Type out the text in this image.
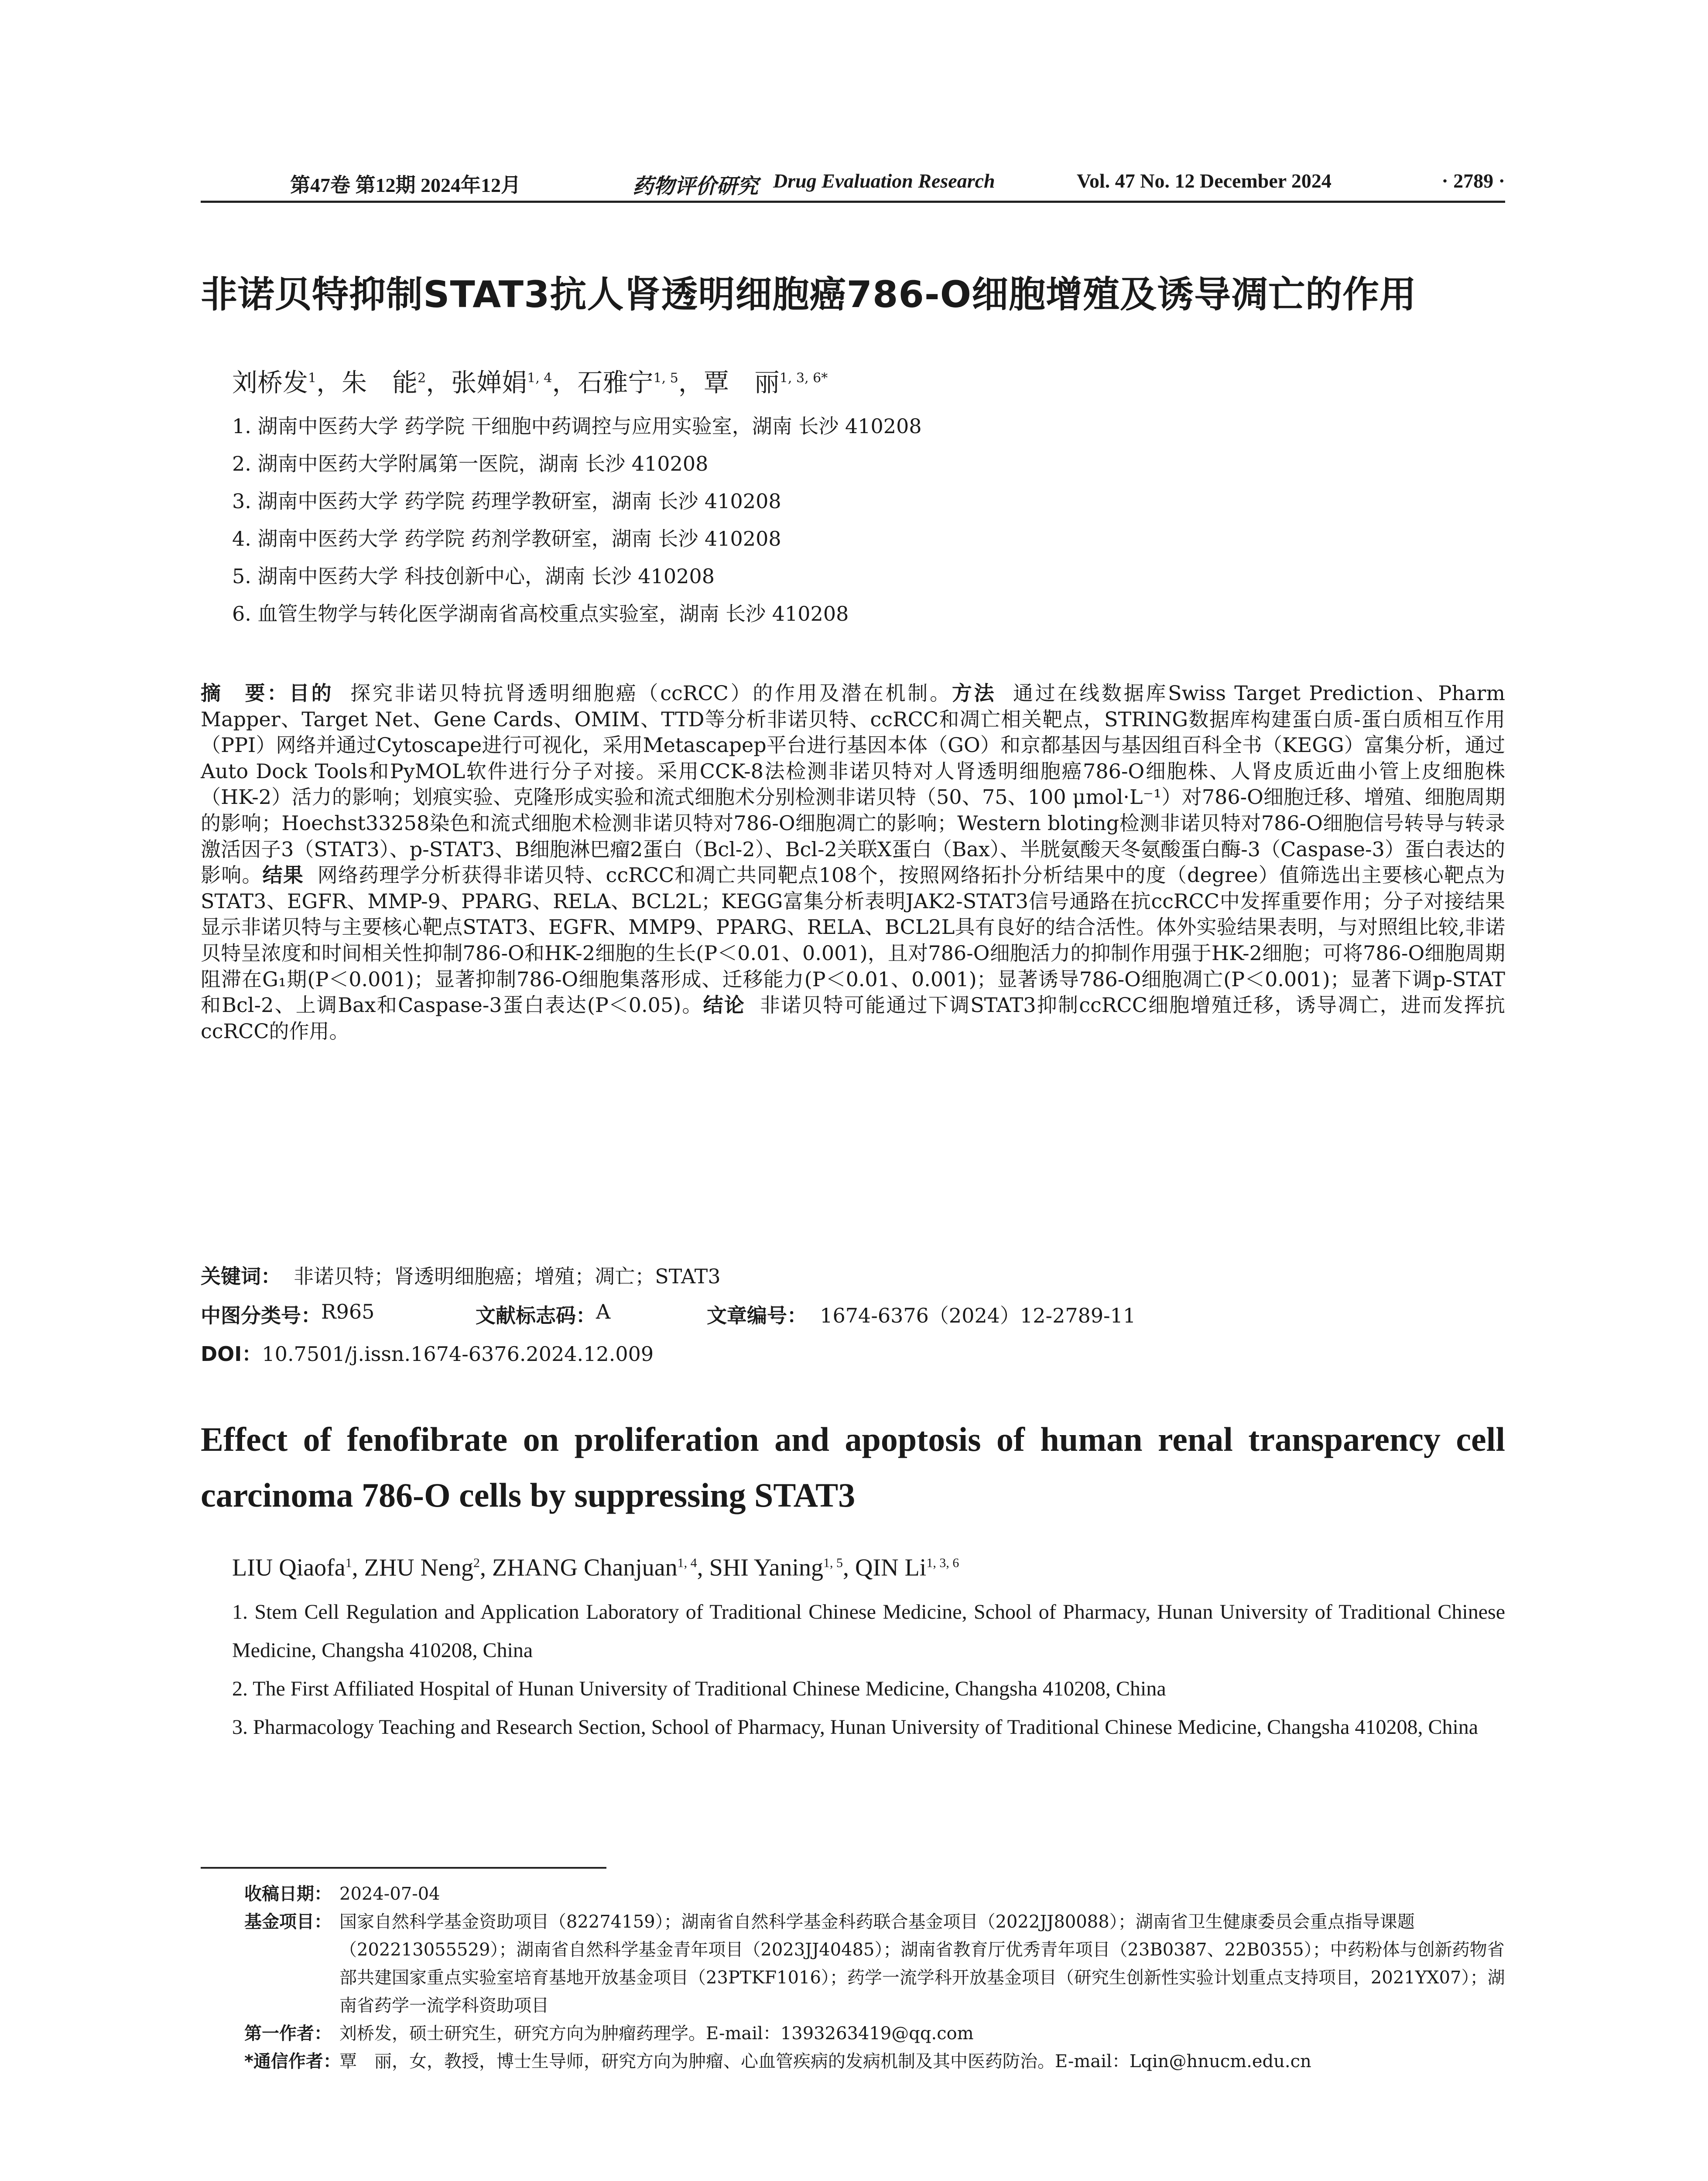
第47卷 第12期 2024年12月	药物评价研究 Drug Evaluation Research	Vol. 47 No. 12 December 2024	· 2789 ·
非诺贝特抑制STAT3抗人肾透明细胞癌786-O细胞增殖及诱导凋亡的作用
刘桥发$^1$，朱　能$^2$，张婵娟$^{1, 4}$，石雅宁$^{1, 5}$，覃　丽$^{1, 3, 6*}$
1. 湖南中医药大学 药学院 干细胞中药调控与应用实验室，湖南 长沙 410208
2. 湖南中医药大学附属第一医院，湖南 长沙 410208
3. 湖南中医药大学 药学院 药理学教研室，湖南 长沙 410208
4. 湖南中医药大学 药学院 药剂学教研室，湖南 长沙 410208
5. 湖南中医药大学 科技创新中心，湖南 长沙 410208
6. 血管生物学与转化医学湖南省高校重点实验室，湖南 长沙 410208
摘　要：目的 探究非诺贝特抗肾透明细胞癌（ccRCC）的作用及潜在机制。方法 通过在线数据库Swiss Target Prediction、Pharm Mapper、Target Net、Gene Cards、OMIM、TTD等分析非诺贝特、ccRCC和凋亡相关靶点，STRING数据库构建蛋白质-蛋白质相互作用（PPI）网络并通过Cytoscape进行可视化，采用Metascapep平台进行基因本体（GO）和京都基因与基因组百科全书（KEGG）富集分析，通过Auto Dock Tools和PyMOL软件进行分子对接。采用CCK-8法检测非诺贝特对人肾透明细胞癌786-O细胞株、人肾皮质近曲小管上皮细胞株（HK-2）活力的影响；划痕实验、克隆形成实验和流式细胞术分别检测非诺贝特（50、75、100 μmol·L⁻¹）对786-O细胞迁移、增殖、细胞周期的影响；Hoechst33258染色和流式细胞术检测非诺贝特对786-O细胞凋亡的影响；Western bloting检测非诺贝特对786-O细胞信号转导与转录激活因子3（STAT3）、p-STAT3、B细胞淋巴瘤2蛋白（Bcl-2）、Bcl-2关联X蛋白（Bax）、半胱氨酸天冬氨酸蛋白酶-3（Caspase-3）蛋白表达的影响。结果 网络药理学分析获得非诺贝特、ccRCC和凋亡共同靶点108个，按照网络拓扑分析结果中的度（degree）值筛选出主要核心靶点为STAT3、EGFR、MMP-9、PPARG、RELA、BCL2L；KEGG富集分析表明JAK2-STAT3信号通路在抗ccRCC中发挥重要作用；分子对接结果显示非诺贝特与主要核心靶点STAT3、EGFR、MMP9、PPARG、RELA、BCL2L具有良好的结合活性。体外实验结果表明，与对照组比较,非诺贝特呈浓度和时间相关性抑制786-O和HK-2细胞的生长(P＜0.01、0.001)，且对786-O细胞活力的抑制作用强于HK-2细胞；可将786-O细胞周期阻滞在G₁期(P＜0.001)；显著抑制786-O细胞集落形成、迁移能力(P＜0.01、0.001)；显著诱导786-O细胞凋亡(P＜0.001)；显著下调p-STAT和Bcl-2、上调Bax和Caspase-3蛋白表达(P＜0.05)。结论 非诺贝特可能通过下调STAT3抑制ccRCC细胞增殖迁移，诱导凋亡，进而发挥抗ccRCC的作用。
关键词： 非诺贝特；肾透明细胞癌；增殖；凋亡；STAT3
中图分类号： R965	文献标志码： A	文章编号： 1674-6376（2024）12-2789-11
DOI：10.7501/j.issn.1674-6376.2024.12.009
Effect of fenofibrate on proliferation and apoptosis of human renal transparency cell carcinoma 786-O cells by suppressing STAT3
LIU Qiaofa$^1$, ZHU Neng$^2$, ZHANG Chanjuan$^{1, 4}$, SHI Yaning$^{1, 5}$, QIN Li$^{1, 3, 6}$

1. Stem Cell Regulation and Application Laboratory of Traditional Chinese Medicine, School of Pharmacy, Hunan University of Traditional Chinese Medicine, Changsha 410208, China

2. The First Affiliated Hospital of Hunan University of Traditional Chinese Medicine, Changsha 410208, China

3. Pharmacology Teaching and Research Section, School of Pharmacy, Hunan University of Traditional Chinese Medicine, Changsha 410208, China

收稿日期： 2024-07-04
基金项目： 国家自然科学基金资助项目（82274159）；湖南省自然科学基金科药联合基金项目（2022JJ80088）；湖南省卫生健康委员会重点指导课题（202213055529）；湖南省自然科学基金青年项目（2023JJ40485）；湖南省教育厅优秀青年项目（23B0387、22B0355）；中药粉体与创新药物省部共建国家重点实验室培育基地开放基金项目（23PTKF1016）；药学一流学科开放基金项目（研究生创新性实验计划重点支持项目，2021YX07）；湖南省药学一流学科资助项目
第一作者： 刘桥发，硕士研究生，研究方向为肿瘤药理学。E-mail：1393263419@qq.com
*通信作者：
覃　丽，女，教授，博士生导师，研究方向为肿瘤、心血管疾病的发病机制及其中医药防治。E-mail：Lqin@hnucm.edu.cn
